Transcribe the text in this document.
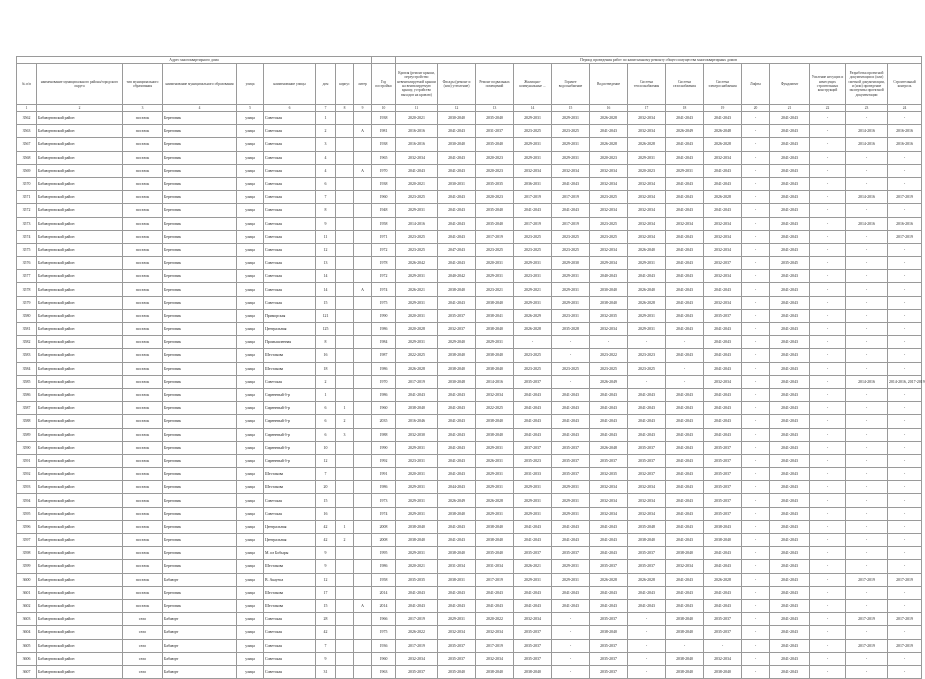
Адрес многоквартирного дома										Период проведения работ по капитальному ремонту общего имущества многоквартирных домов													
№ п/п	наименование муниципального района/городского округа	тип муниципального образования	наименование муниципального образования	улица	наименование улицы	дом	корпус	литер	Год постройки	Кровля (ремонт крыши, переустройство невентилируемой крыши на вентилируемую крышу, устройство выходов на кровлю)	Фасады (ремонт и (или) утепление)	Ремонт подвальных помещений	Жилищно-коммунальные ...	Горячее водоснабжение	Водоотведение	Система теплоснабжения	Система газоснабжения	Система электроснабжения	Лифты	Фундамент	Усиление несущих и ненесущих строительных конструкций	Разработка проектной документации и (или) сметной документации, и (или) проведение экспертизы проектной документации	Строительный контроль
1	2	3	4	5	6	7	8	9	10	11	12	13	14	15	16	17	18	19	20	21	22	23	24
3562	Бабаюртовский район	поселок	Береговик	улица	Советская	1			1938	2020-2021	2030-2040	2035-2040	2029-2031	2029-2031	2026-2028	2032-2034	2041-2043	2041-2043	-	2041-2043	-	-	-
3563	Бабаюртовский район	поселок	Береговик	улица	Советская	2		А	1981	2016-2016	2041-2043	2031-2037	2023-2025	2023-2025	2041-2043	2032-2034	2026-2049	2026-2048	-	2041-2043	-	2014-2016	2016-2016
3567	Бабаюртовский район	поселок	Береговик	улица	Советская	3			1938	2016-2016	2030-2040	2035-2040	2029-2031	2029-2031	2026-2028	2026-2028	2041-2043	2026-2028	-	2041-2043	-	2014-2016	2016-2016
3568	Бабаюртовский район	поселок	Береговик	улица	Советская	4			1965	2032-2034	2041-2043	2020-2023	2029-2031	2029-2031	2020-2023	2029-2031	2041-2043	2032-2034	-	2041-2043	-	-	-
3569	Бабаюртовский район	поселок	Береговик	улица	Советская	4		А	1970	2041-2043	2041-2043	2020-2023	2032-2034	2032-2034	2032-2034	2020-2023	2029-2031	2041-2043	-	2041-2043	-	-	-
3570	Бабаюртовский район	поселок	Береговик	улица	Советская	6			1938	2020-2021	2030-2031	2035-2035	2036-2031	2041-2043	2032-2034	2032-2034	2041-2043	2041-2043	-	2041-2043	-	-	-
3571	Бабаюртовский район	поселок	Береговик	улица	Советская	7			1960	2023-2025	2041-2043	2020-2023	2017-2019	2017-2019	2023-2025	2032-2034	2041-2043	2026-2028	-	2041-2043	-	2014-2016	2017-2019
3572	Бабаюртовский район	поселок	Береговик	улица	Советская	8			1948	2029-2031	2041-2043	2035-2040	2041-2043	2041-2043	2032-2034	2032-2034	2041-2043	2041-2043	-	2041-2043	-	-	-
3573	Бабаюртовский район	поселок	Береговик	улица	Советская	9			1958	2014-2016	2041-2043	2035-2040	2017-2019	2017-2019	2023-2025	2032-2034	2032-2034	2032-2034	-	2041-2043	-	2014-2016	2016-2016
3574	Бабаюртовский район	поселок	Береговик	улица	Советская	11			1971	2023-2025	2041-2043	2017-2019	2023-2025	2023-2025	2023-2025	2032-2034	2041-2043	2032-2034	-	2041-2043	-	-	2017-2019
3575	Бабаюртовский район	поселок	Береговик	улица	Советская	12			1972	2023-2025	2047-2043	2023-2025	2023-2025	2023-2025	2032-2034	2026-2040	2041-2043	2032-2034	-	2041-2043	-	-	-
3576	Бабаюртовский район	поселок	Береговик	улица	Советская	13			1978	2026-2042	2041-2043	2020-2031	2029-2031	2029-2030	2029-2034	2029-2031	2041-2043	2032-2037	-	2035-2045	-	-	-
3577	Бабаюртовский район	поселок	Береговик	улица	Советская	14			1972	2029-2031	2040-2042	2029-2031	2023-2031	2029-2031	2040-2043	2041-2043	2041-2043	2032-2034	-	2041-2043	-	-	-
3578	Бабаюртовский район	поселок	Береговик	улица	Советская	14		А	1974	2026-2021	2038-2040	2023-2021	2029-2021	2029-2031	2030-2040	2026-2040	2041-2043	2041-2043	-	2041-2043	-	-	-
3579	Бабаюртовский район	поселок	Береговик	улица	Советская	15			1975	2029-2031	2041-2043	2038-2040	2029-2031	2029-2031	2038-2040	2026-2028	2041-2043	2032-2034	-	2041-2043	-	-	-
3580	Бабаюртовский район	поселок	Береговик	улица	Приморская	121			1990	2020-2031	2035-2037	2038-2041	2026-2029	2023-2031	2032-2035	2029-2031	2041-2043	2035-2037	-	2041-2043	-	-	-
3581	Бабаюртовский район	поселок	Береговик	улица	Центральная	125			1986	2020-2028	2032-2037	2038-2040	2026-2028	2035-2028	2032-2034	2029-2031	2041-2043	2041-2043	-	2041-2043	-	-	-
3582	Бабаюртовский район	поселок	Береговик	улица	Промышленная	8			1984	2029-2031	2029-2040	2029-2031	-	-	-	-	-	2041-2043	-	2041-2043	-	-	-
3583	Бабаюртовский район	поселок	Береговик	улица	Шестакова	16			1987	2022-2025	2038-2040	2038-2040	2023-2025	-	2023-2022	2023-2023	2041-2043	2041-2043	-	2041-2043	-	-	-
3584	Бабаюртовский район	поселок	Береговик	улица	Шестакова	18			1986	2026-2028	2038-2040	2038-2040	2023-2025	2023-2025	2023-2025	2023-2025	-	2041-2043	-	2041-2043	-	-	-
3585	Бабаюртовский район	поселок	Береговик	улица	Советская	2			1970	2017-2019	2030-2048	2014-2016	2035-2037	-	2026-2049	-	-	2032-2034	-	2041-2043	-	2014-2016	2014-2016, 2017-2019
3586	Бабаюртовский район	поселок	Береговик	улица	Сиреневый б-р	1			1986	2041-2043	2041-2043	2032-2034	2041-2043	2041-2043	2041-2043	2041-2043	2041-2043	2041-2043	-	2041-2043	-	-	-
3587	Бабаюртовский район	поселок	Береговик	улица	Сиреневый б-р	6	1		1960	2038-2040	2041-2043	2022-2025	2041-2043	2041-2043	2041-2043	2041-2043	2041-2043	2041-2043	-	2041-2043	-	-	-
3588	Бабаюртовский район	поселок	Береговик	улица	Сиреневый б-р	6	2		2035	2016-2046	2041-2043	2038-2040	2041-2043	2041-2043	2041-2043	2041-2043	2041-2043	2041-2043	-	2041-2043	-	-	-
3589	Бабаюртовский район	поселок	Береговик	улица	Сиреневый б-р	6	3		1988	2032-2030	2041-2043	2038-2040	2041-2043	2041-2043	2041-2043	2041-2043	2041-2043	2041-2043	-	2041-2043	-	-	-
3590	Бабаюртовский район	поселок	Береговик	улица	Сиреневый б-р	10			1990	2029-2031	2041-2043	2029-2031	2037-2037	2035-2037	2026-2048	2035-2037	2041-2043	2035-2037	-	2041-2043	-	-	-
3591	Бабаюртовский район	поселок	Береговик	улица	Сиреневый б-р	12			1992	2023-2031	2041-2043	2026-2031	2035-2023	2035-2037	2035-2037	2035-2037	2041-2043	2035-2037	-	2041-2043	-	-	-
3592	Бабаюртовский район	поселок	Береговик	улица	Шестакова	7			1991	2020-2031	2041-2043	2029-2031	2031-2033	2035-2037	2032-2035	2032-2037	2041-2043	2035-2037	-	2041-2043	-	-	-
3593	Бабаюртовский район	поселок	Береговик	улица	Шестакова	20			1986	2029-2031	2044-2043	2029-2031	2029-2031	2029-2031	2032-2034	2032-2034	2041-2043	2035-2037	-	2041-2043	-	-	-
3594	Бабаюртовский район	поселок	Береговик	улица	Советская	15			1973	2029-2031	2026-2049	2026-2028	2029-2031	2029-2031	2032-2034	2032-2034	2041-2043	2035-2037	-	2041-2043	-	-	-
3595	Бабаюртовский район	поселок	Береговик	улица	Советская	16			1974	2029-2031	2038-2040	2029-2031	2029-2031	2029-2031	2032-2034	2032-2034	2041-2043	2035-2037	-	2041-2043	-	-	-
3596	Бабаюртовский район	поселок	Береговик	улица	Центральная	42	1		2008	2038-2040	2041-2043	2038-2040	2041-2043	2041-2043	2041-2043	2035-2048	2041-2043	2038-2043	-	2041-2043	-	-	-
3597	Бабаюртовский район	поселок	Береговик	улица	Центральная	42	2		2008	2038-2040	2041-2043	2038-2040	2041-2043	2041-2043	2041-2043	2038-2040	2041-2043	2038-2040	-	2041-2043	-	-	-
3598	Бабаюртовский район	поселок	Береговик	улица	М. из Бобыры	9			1995	2029-2031	2038-2040	2035-2040	2035-2037	2035-2037	2041-2043	2035-2037	2038-2040	2041-2043	-	2041-2043	-	-	-
3599	Бабаюртовский район	поселок	Береговик	улица	Шестакова	9			1986	2020-2021	2031-2034	2031-2034	2026-2021	2029-2031	2035-2037	2035-2037	2032-2034	2041-2043	-	2041-2043	-	-	-
3600	Бабаюртовский район	поселок	Бабаюрт	улица	В. Акаунса	12			1958	2035-2035	2038-2031	2017-2019	2029-2031	2029-2031	2026-2028	2026-2028	2041-2043	2026-2028	-	2041-2043	-	2017-2019	2017-2019
3601	Бабаюртовский район	поселок	Береговик	улица	Шестакова	17			2014	2041-2043	2041-2043	2041-2043	2041-2043	2041-2043	2041-2043	2041-2043	2041-2043	2041-2043	-	2041-2043	-	-	-
3602	Бабаюртовский район	поселок	Береговик	улица	Шестакова	15		А	2014	2041-2043	2041-2043	2041-2043	2041-2043	2041-2043	2041-2043	2041-2043	2041-2043	2041-2043	-	2041-2043	-	-	-
3603	Бабаюртовский район	село	Бабаюрт	улица	Советская	28			1966	2017-2019	2029-2031	2020-2022	2032-2034	-	2035-2037	-	2038-2040	2035-2037	-	2041-2043	-	2017-2019	2017-2019
3604	Бабаюртовский район	село	Бабаюрт	улица	Советская	42			1975	2026-2022	2032-2034	2032-2034	2035-2037	-	2038-2040	-	2038-2040	2035-2037	-	2041-2043	-	-	-
3605	Бабаюртовский район	село	Бабаюрт	улица	Советская	7			1936	2017-2019	2035-2037	2017-2019	2035-2037	-	2035-2037	-	-	-	-	2041-2043	-	2017-2019	2017-2019
3606	Бабаюртовский район	село	Бабаюрт	улица	Советская	9			1960	2032-2034	2035-2037	2032-2034	2035-2037	-	2035-2037	-	2038-2040	2032-2034	-	2041-2043	-	-	-
3607	Бабаюртовский район	село	Бабаюрт	улица	Советская	31			1963	2035-2037	2035-2040	2038-2040	2038-2040	-	2035-2037	-	2038-2040	2038-2040	-	2041-2043	-	-	-
